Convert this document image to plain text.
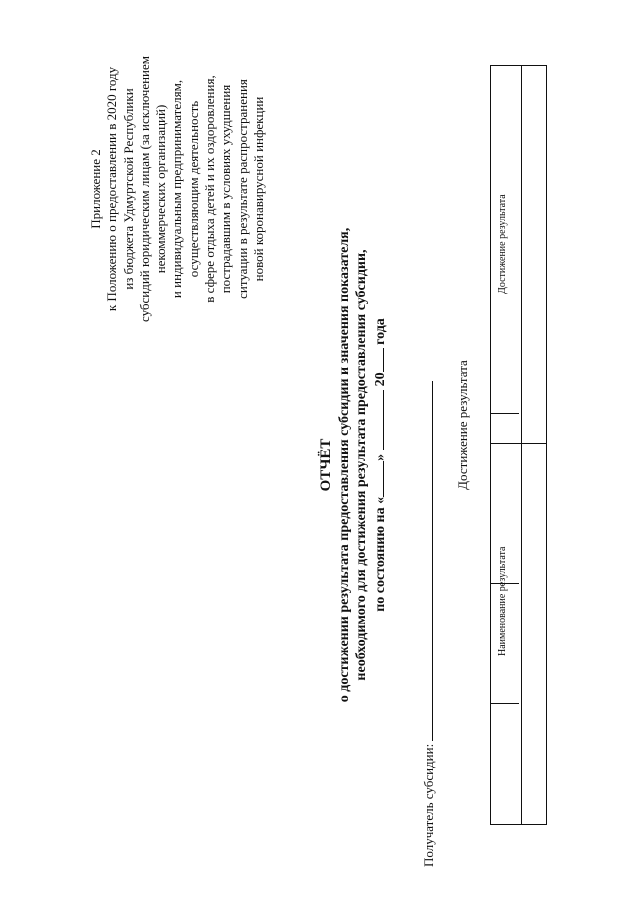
Приложение 2 к Положению о предоставлении в 2020 году из бюджета Удмуртской Республики субсидий юридическим лицам (за исключением некоммерческих организаций) и индивидуальным предпринимателям, осуществляющим деятельность в сфере отдыха детей и их оздоровления, пострадавшим в условиях ухудшения ситуации в результате распространения новой коронавирусной инфекции
ОТЧЁТ о достижении результата предоставления субсидии и значения показателя, необходимого для достижения результата предоставления субсидии, по состоянию на «» 20 года
Получатель субсидии:
Достижение результата
Наименование результата
Достижение результата
